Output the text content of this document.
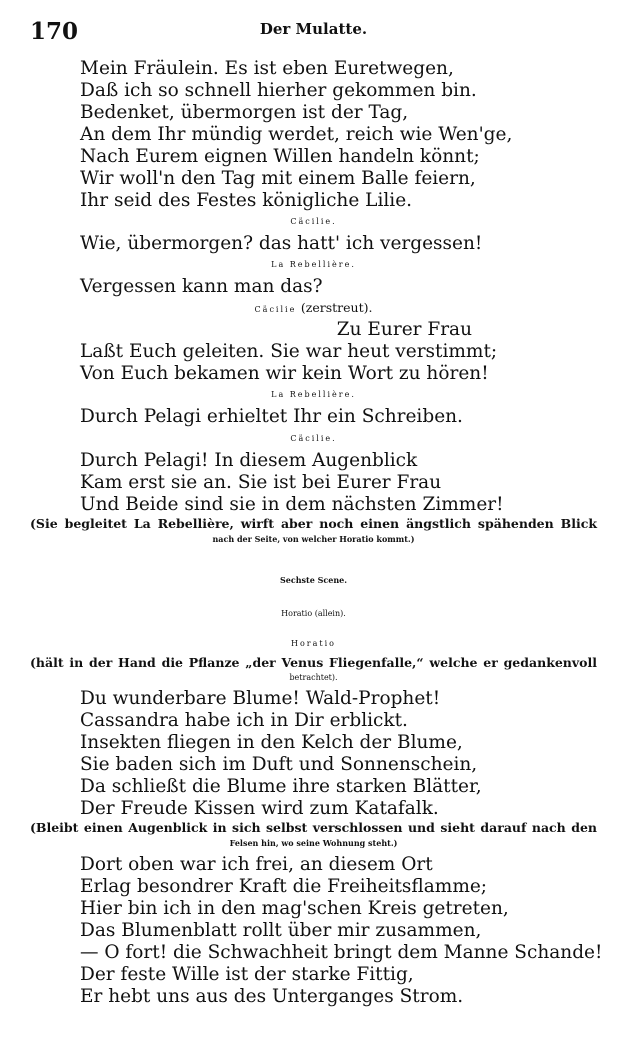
170	Der Mulatte.
Mein Fräulein. Es ist eben Euretwegen,
Daß ich so schnell hierher gekommen bin.
Bedenket, übermorgen ist der Tag,
An dem Ihr mündig werdet, reich wie Wen'ge,
Nach Eurem eignen Willen handeln könnt;
Wir woll'n den Tag mit einem Balle feiern,
Ihr seid des Festes königliche Lilie.
Cäcilie.
Wie, übermorgen? das hatt' ich vergessen!
La Rebellière.
Vergessen kann man das?
Cäcilie (zerstreut).
Zu Eurer Frau
Laßt Euch geleiten. Sie war heut verstimmt;
Von Euch bekamen wir kein Wort zu hören!
La Rebellière.
Durch Pelagi erhieltet Ihr ein Schreiben.
Cäcilie.
Durch Pelagi! In diesem Augenblick
Kam erst sie an. Sie ist bei Eurer Frau
Und Beide sind sie in dem nächsten Zimmer!
(Sie begleitet La Rebellière, wirft aber noch einen ängstlich spähenden Blick
nach der Seite, von welcher Horatio kommt.)
Sechste Scene.
Horatio (allein).
Horatio
(hält in der Hand die Pflanze „der Venus Fliegenfalle,“ welche er gedankenvoll
betrachtet).
Du wunderbare Blume! Wald-Prophet!
Cassandra habe ich in Dir erblickt.
Insekten fliegen in den Kelch der Blume,
Sie baden sich im Duft und Sonnenschein,
Da schließt die Blume ihre starken Blätter,
Der Freude Kissen wird zum Katafalk.
(Bleibt einen Augenblick in sich selbst verschlossen und sieht darauf nach den
Felsen hin, wo seine Wohnung steht.)
Dort oben war ich frei, an diesem Ort
Erlag besondrer Kraft die Freiheitsflamme;
Hier bin ich in den mag'schen Kreis getreten,
Das Blumenblatt rollt über mir zusammen,
— O fort! die Schwachheit bringt dem Manne Schande!
Der feste Wille ist der starke Fittig,
Er hebt uns aus des Unterganges Strom.
